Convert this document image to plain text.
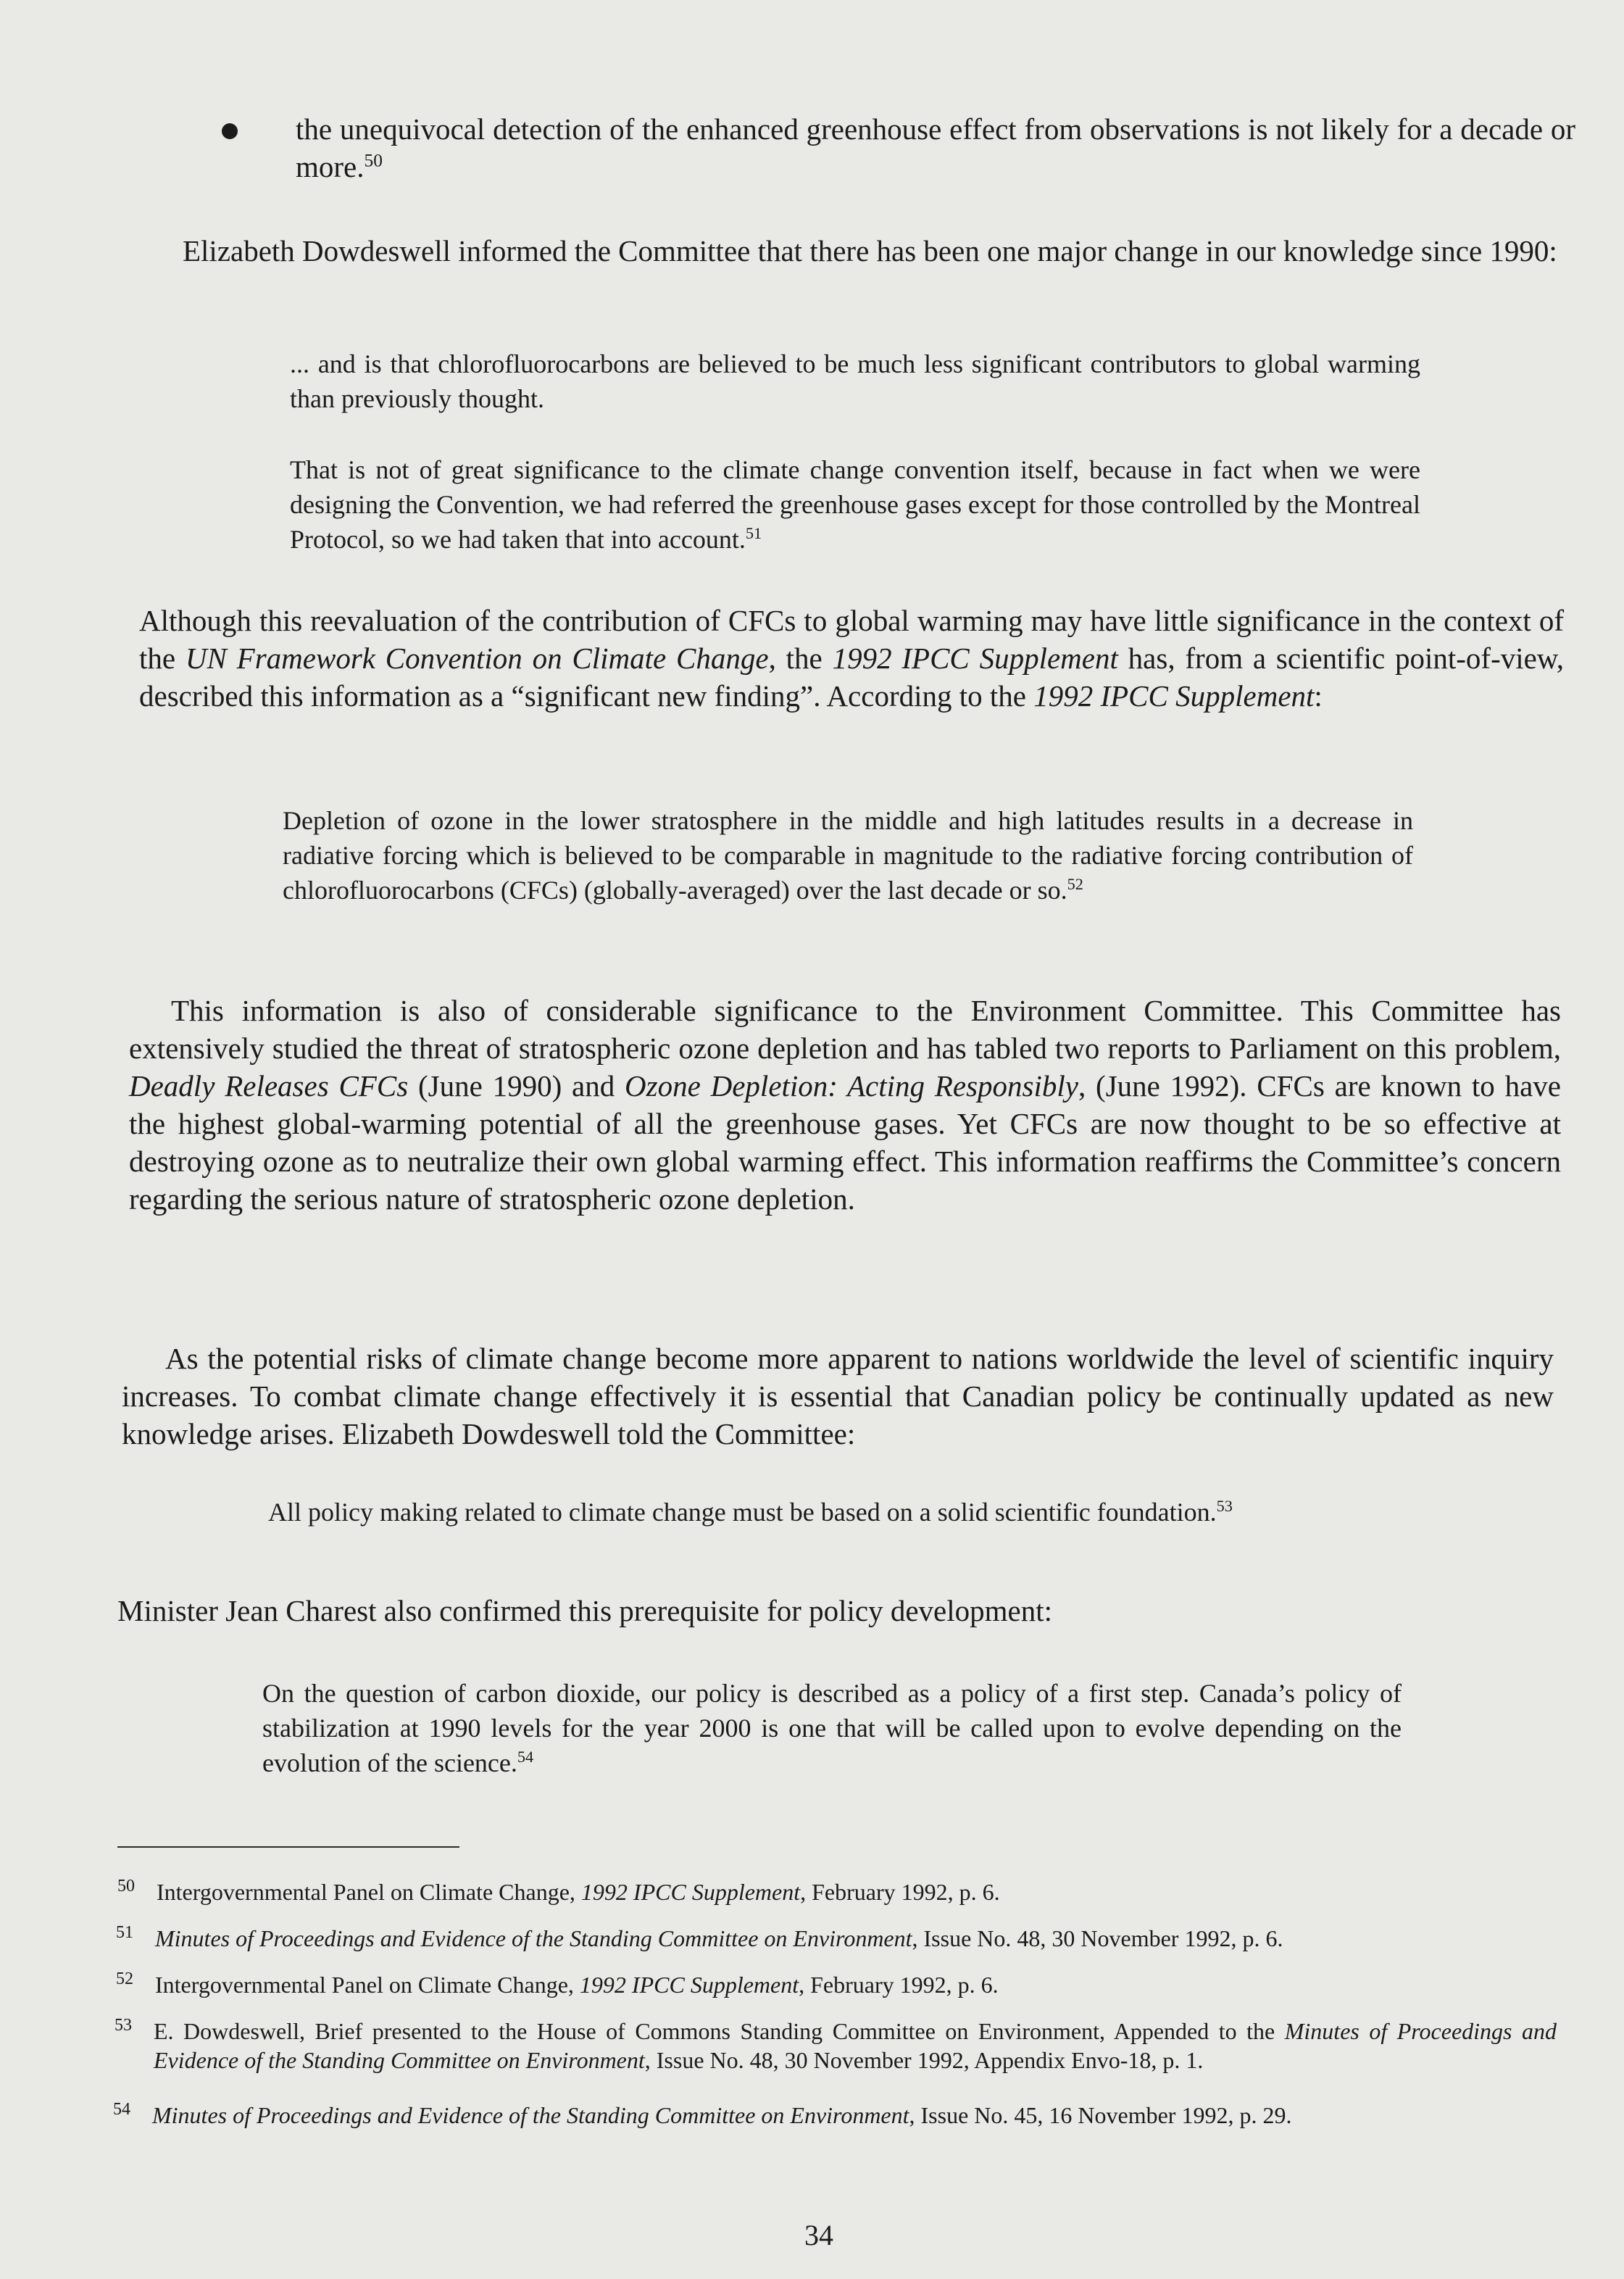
the unequivocal detection of the enhanced greenhouse effect from observations is not likely for a decade or more.$^{50}$
Elizabeth Dowdeswell informed the Committee that there has been one major change in our knowledge since 1990:
... and is that chlorofluorocarbons are believed to be much less significant contributors to global warming than previously thought.
That is not of great significance to the climate change convention itself, because in fact when we were designing the Convention, we had referred the greenhouse gases except for those controlled by the Montreal Protocol, so we had taken that into account.$^{51}$
Although this reevaluation of the contribution of CFCs to global warming may have little significance in the context of the UN Framework Convention on Climate Change, the 1992 IPCC Supplement has, from a scientific point-of-view, described this information as a “significant new finding”. According to the 1992 IPCC Supplement:
Depletion of ozone in the lower stratosphere in the middle and high latitudes results in a decrease in radiative forcing which is believed to be comparable in magnitude to the radiative forcing contribution of chlorofluorocarbons (CFCs) (globally-averaged) over the last decade or so.$^{52}$
This information is also of considerable significance to the Environment Committee. This Committee has extensively studied the threat of stratospheric ozone depletion and has tabled two reports to Parliament on this problem, Deadly Releases CFCs (June 1990) and Ozone Depletion: Acting Responsibly, (June 1992). CFCs are known to have the highest global-warming potential of all the greenhouse gases. Yet CFCs are now thought to be so effective at destroying ozone as to neutralize their own global warming effect. This information reaffirms the Committee’s concern regarding the serious nature of stratospheric ozone depletion.
As the potential risks of climate change become more apparent to nations worldwide the level of scientific inquiry increases. To combat climate change effectively it is essential that Canadian policy be continually updated as new knowledge arises. Elizabeth Dowdeswell told the Committee:
All policy making related to climate change must be based on a solid scientific foundation.$^{53}$
Minister Jean Charest also confirmed this prerequisite for policy development:
On the question of carbon dioxide, our policy is described as a policy of a first step. Canada’s policy of stabilization at 1990 levels for the year 2000 is one that will be called upon to evolve depending on the evolution of the science.$^{54}$
50 Intergovernmental Panel on Climate Change, 1992 IPCC Supplement, February 1992, p. 6.
51 Minutes of Proceedings and Evidence of the Standing Committee on Environment, Issue No. 48, 30 November 1992, p. 6.
52 Intergovernmental Panel on Climate Change, 1992 IPCC Supplement, February 1992, p. 6.
53 E. Dowdeswell, Brief presented to the House of Commons Standing Committee on Environment, Appended to the Minutes of Proceedings and Evidence of the Standing Committee on Environment, Issue No. 48, 30 November 1992, Appendix Envo-18, p. 1.
54 Minutes of Proceedings and Evidence of the Standing Committee on Environment, Issue No. 45, 16 November 1992, p. 29.
34
